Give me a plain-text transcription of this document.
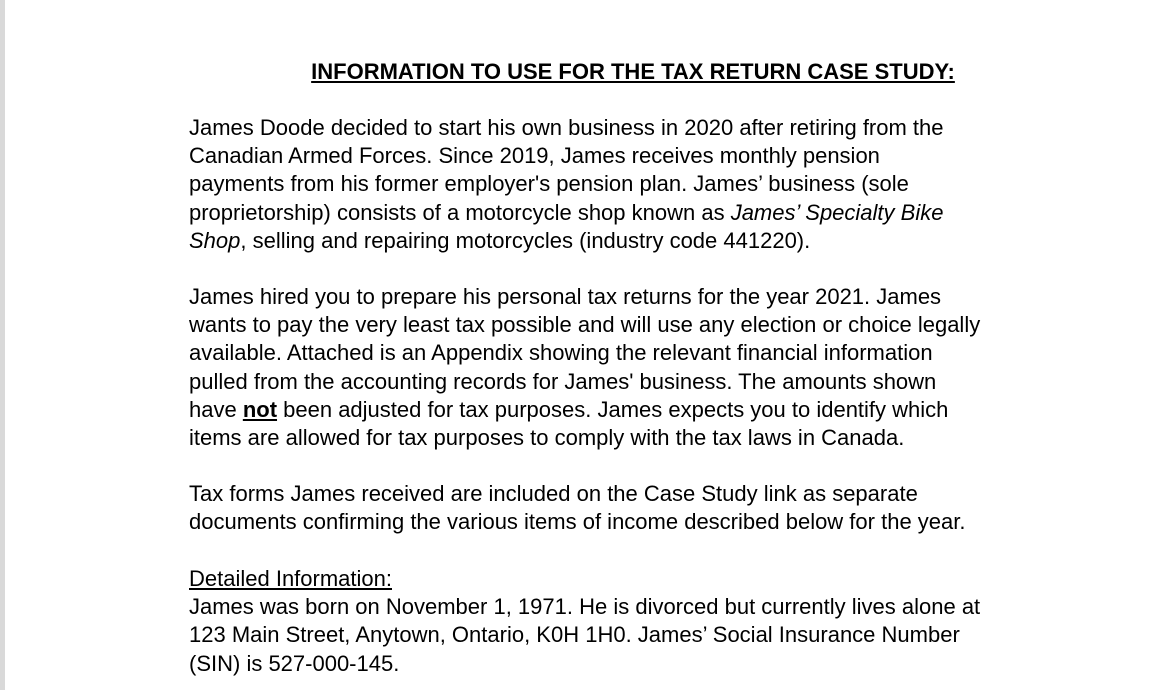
INFORMATION TO USE FOR THE TAX RETURN CASE STUDY:

James Doode decided to start his own business in 2020 after retiring from the
Canadian Armed Forces. Since 2019, James receives monthly pension
payments from his former employer's pension plan. James’ business (sole
proprietorship) consists of a motorcycle shop known as James’ Specialty Bike
Shop, selling and repairing motorcycles (industry code 441220).

James hired you to prepare his personal tax returns for the year 2021. James
wants to pay the very least tax possible and will use any election or choice legally
available. Attached is an Appendix showing the relevant financial information
pulled from the accounting records for James' business. The amounts shown
have not been adjusted for tax purposes. James expects you to identify which
items are allowed for tax purposes to comply with the tax laws in Canada.

Tax forms James received are included on the Case Study link as separate
documents confirming the various items of income described below for the year.

Detailed Information:
James was born on November 1, 1971. He is divorced but currently lives alone at
123 Main Street, Anytown, Ontario, K0H 1H0. James’ Social Insurance Number
(SIN) is 527-000-145.
